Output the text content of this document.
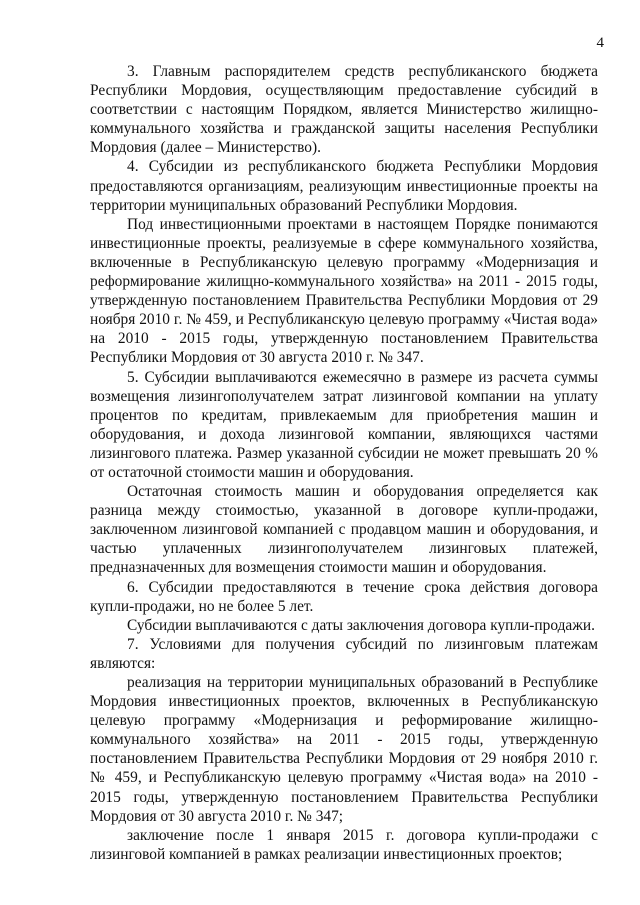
4

3. Главным распорядителем средств республиканского бюджета Республики Мордовия, осуществляющим предоставление субсидий в соответствии с настоящим Порядком, является Министерство жилищно-коммунального хозяйства и гражданской защиты населения Республики Мордовия (далее – Министерство).

4. Субсидии из республиканского бюджета Республики Мордовия предоставляются организациям, реализующим инвестиционные проекты на территории муниципальных образований Республики Мордовия.

Под инвестиционными проектами в настоящем Порядке понимаются инвестиционные проекты, реализуемые в сфере коммунального хозяйства, включенные в Республиканскую целевую программу «Модернизация и реформирование жилищно-коммунального хозяйства» на 2011 - 2015 годы, утвержденную постановлением Правительства Республики Мордовия от 29 ноября 2010 г. № 459, и Республиканскую целевую программу «Чистая вода» на 2010 - 2015 годы, утвержденную постановлением Правительства Республики Мордовия от 30 августа 2010 г. № 347.

5. Субсидии выплачиваются ежемесячно в размере из расчета суммы возмещения лизингополучателем затрат лизинговой компании на уплату процентов по кредитам, привлекаемым для приобретения машин и оборудования, и дохода лизинговой компании, являющихся частями лизингового платежа. Размер указанной субсидии не может превышать 20 % от остаточной стоимости машин и оборудования.

Остаточная стоимость машин и оборудования определяется как разница между стоимостью, указанной в договоре купли-продажи, заключенном лизинговой компанией с продавцом машин и оборудования, и частью уплаченных лизингополучателем лизинговых платежей, предназначенных для возмещения стоимости машин и оборудования.

6. Субсидии предоставляются в течение срока действия договора купли-продажи, но не более 5 лет.

Субсидии выплачиваются с даты заключения договора купли-продажи.

7. Условиями для получения субсидий по лизинговым платежам являются:

реализация на территории муниципальных образований в Республике Мордовия инвестиционных проектов, включенных в Республиканскую целевую программу «Модернизация и реформирование жилищно-коммунального хозяйства» на 2011 - 2015 годы, утвержденную постановлением Правительства Республики Мордовия от 29 ноября 2010 г. № 459, и Республиканскую целевую программу «Чистая вода» на 2010 - 2015 годы, утвержденную постановлением Правительства Республики Мордовия от 30 августа 2010 г. № 347;

заключение после 1 января 2015 г. договора купли-продажи с лизинговой компанией в рамках реализации инвестиционных проектов;
